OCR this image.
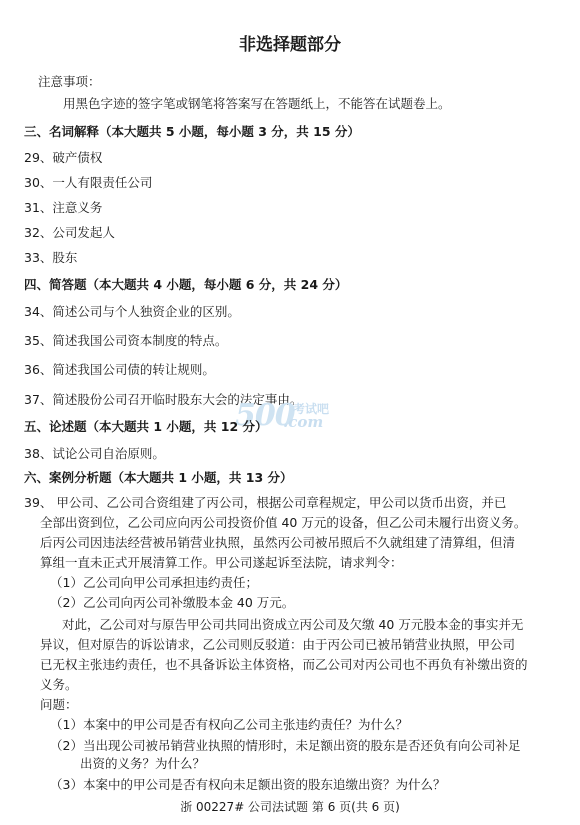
非选择题部分
注意事项：
用黑色字迹的签字笔或钢笔将答案写在答题纸上，不能答在试题卷上。
三、名词解释（本大题共 5 小题，每小题 3 分，共 15 分）
29、破产债权
30、一人有限责任公司
31、注意义务
32、公司发起人
33、股东
四、简答题（本大题共 4 小题，每小题 6 分，共 24 分）
34、简述公司与个人独资企业的区别。
35、简述我国公司资本制度的特点。
36、简述我国公司债的转让规则。
37、简述股份公司召开临时股东大会的法定事由。
500
考试吧
.com
五、论述题（本大题共 1 小题，共 12 分）
38、试论公司自治原则。
六、案例分析题（本大题共 1 小题，共 13 分）
39、 甲公司、乙公司合资组建了丙公司，根据公司章程规定，甲公司以货币出资，并已
全部出资到位，乙公司应向丙公司投资价值 40 万元的设备，但乙公司未履行出资义务。
后丙公司因违法经营被吊销营业执照，虽然丙公司被吊照后不久就组建了清算组，但清
算组一直未正式开展清算工作。甲公司遂起诉至法院，请求判令：
（1）乙公司向甲公司承担违约责任；
（2）乙公司向丙公司补缴股本金 40 万元。
对此，乙公司对与原告甲公司共同出资成立丙公司及欠缴 40 万元股本金的事实并无
异议，但对原告的诉讼请求，乙公司则反驳道：由于丙公司已被吊销营业执照，甲公司
已无权主张违约责任，也不具备诉讼主体资格，而乙公司对丙公司也不再负有补缴出资的
义务。
问题：
（1）本案中的甲公司是否有权向乙公司主张违约责任？为什么？
（2）当出现公司被吊销营业执照的情形时，未足额出资的股东是否还负有向公司补足
出资的义务？为什么？
（3）本案中的甲公司是否有权向未足额出资的股东追缴出资？为什么？
浙 00227# 公司法试题 第 6 页(共 6 页)
